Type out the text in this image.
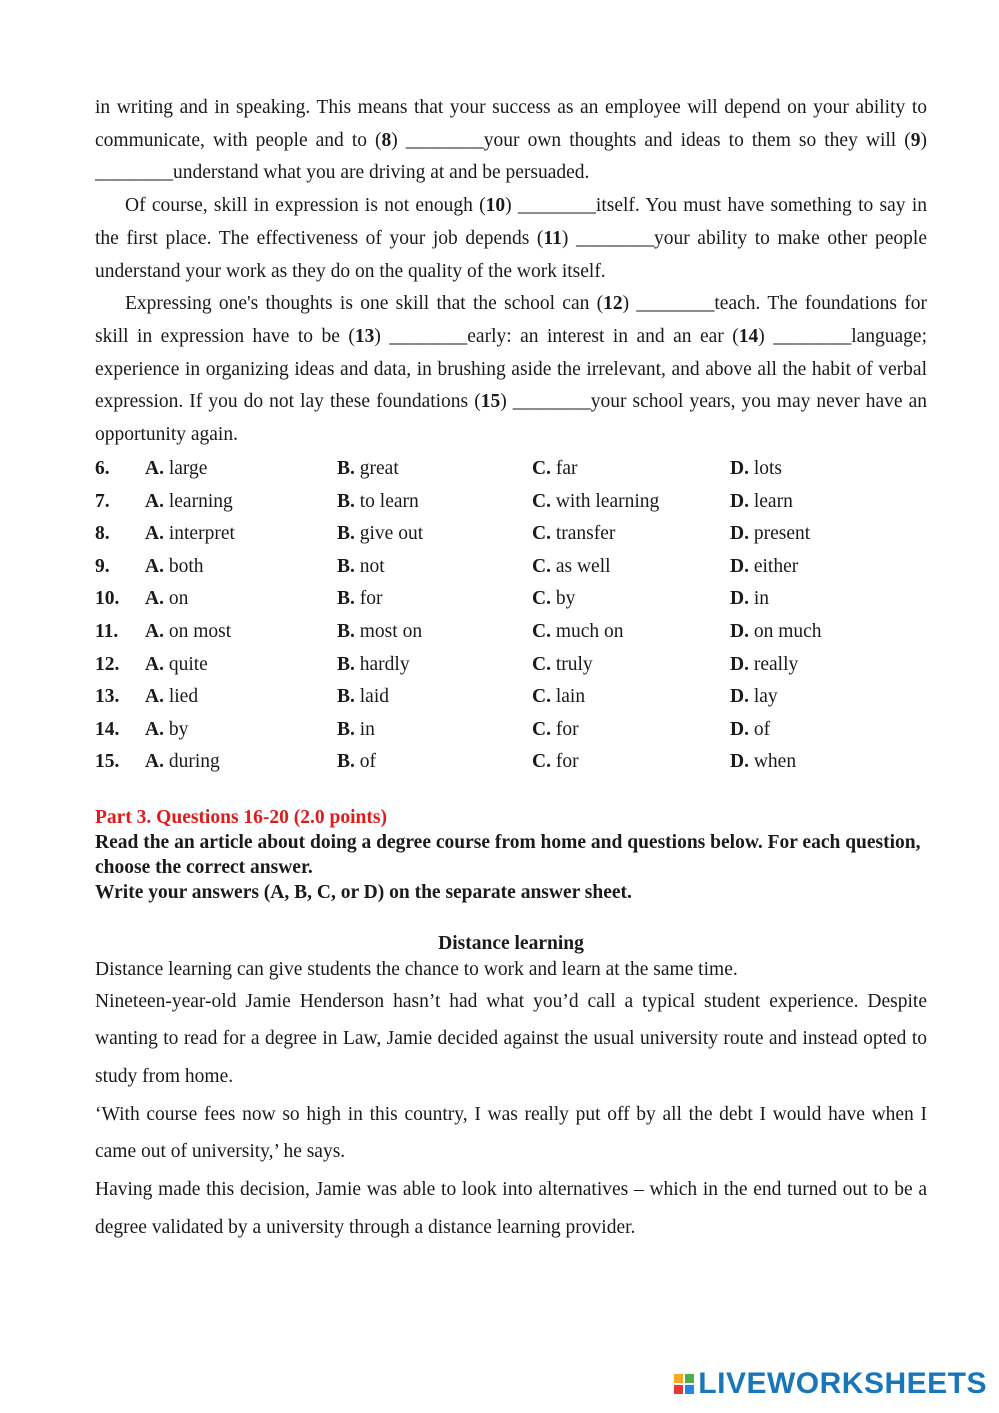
in writing and in speaking. This means that your success as an employee will depend on your ability to communicate, with people and to (8) ________your own thoughts and ideas to them so they will (9) ________understand what you are driving at and be persuaded.

Of course, skill in expression is not enough (10) ________itself. You must have something to say in the first place. The effectiveness of your job depends (11) ________your ability to make other people understand your work as they do on the quality of the work itself.

Expressing one's thoughts is one skill that the school can (12) ________teach. The foundations for skill in expression have to be (13) ________early: an interest in and an ear (14) ________language; experience in organizing ideas and data, in brushing aside the irrelevant, and above all the habit of verbal expression. If you do not lay these foundations (15) ________your school years, you may never have an opportunity again.

6.	A. large	B. great	C. far	D. lots
7.	A. learning	B. to learn	C. with learning	D. learn
8.	A. interpret	B. give out	C. transfer	D. present
9.	A. both	B. not	C. as well	D. either
10.	A. on	B. for	C. by	D. in
11.	A. on most	B. most on	C. much on	D. on much
12.	A. quite	B. hardly	C. truly	D. really
13.	A. lied	B. laid	C. lain	D. lay
14.	A. by	B. in	C. for	D. of
15.	A. during	B. of	C. for	D. when
Part 3. Questions 16-20 (2.0 points)

Read the an article about doing a degree course from home and questions below. For each question, choose the correct answer.

Write your answers (A, B, C, or D) on the separate answer sheet.

Distance learning

Distance learning can give students the chance to work and learn at the same time.

Nineteen-year-old Jamie Henderson hasn’t had what you’d call a typical student experience. Despite wanting to read for a degree in Law, Jamie decided against the usual university route and instead opted to study from home.

‘With course fees now so high in this country, I was really put off by all the debt I would have when I came out of university,’ he says.

Having made this decision, Jamie was able to look into alternatives – which in the end turned out to be a degree validated by a university through a distance learning provider.

LIVEWORKSHEETS
